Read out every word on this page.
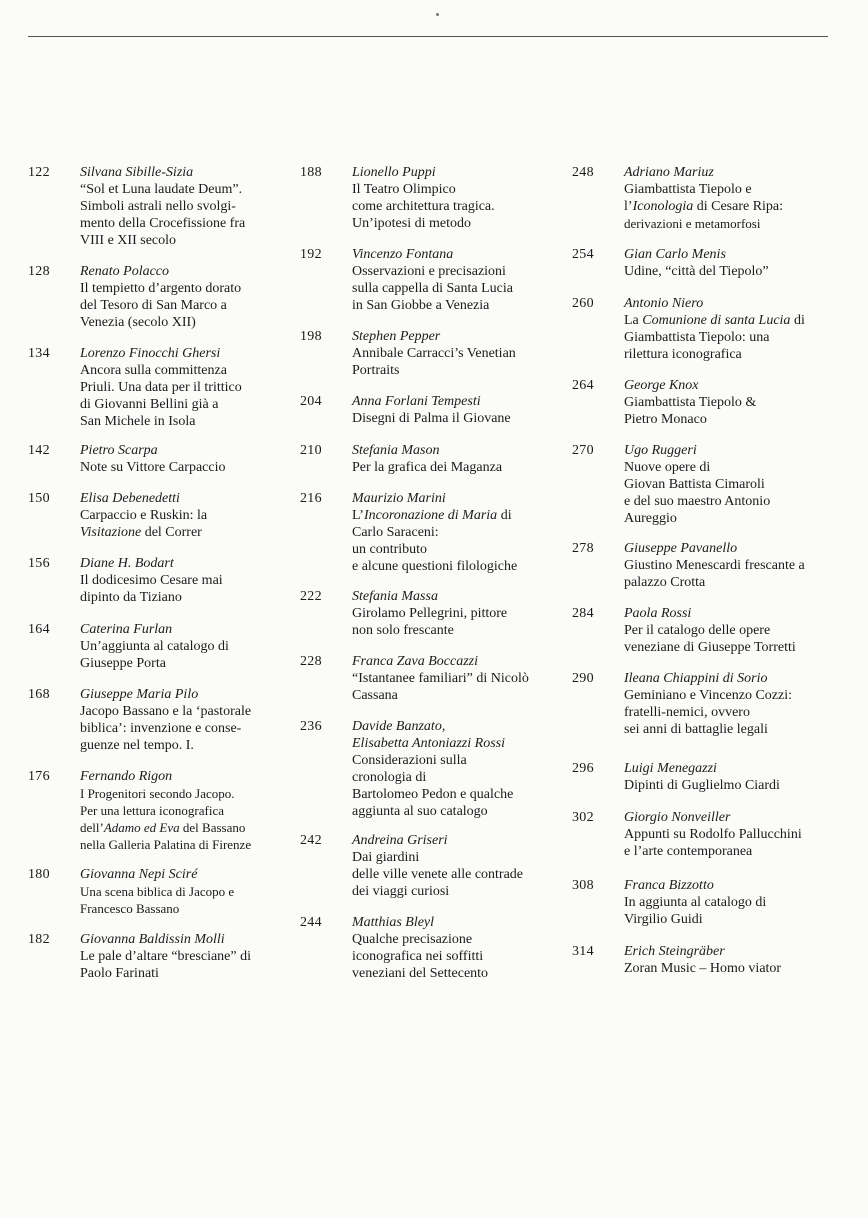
122 Silvana Sibille-Sizia
“Sol et Luna laudate Deum”.
Simboli astrali nello svolgi-
mento della Crocefissione fra
VIII e XII secolo
128 Renato Polacco
Il tempietto d’argento dorato
del Tesoro di San Marco a
Venezia (secolo XII)
134 Lorenzo Finocchi Ghersi
Ancora sulla committenza
Priuli. Una data per il trittico
di Giovanni Bellini già a
San Michele in Isola
142 Pietro Scarpa
Note su Vittore Carpaccio
150 Elisa Debenedetti
Carpaccio e Ruskin: la
Visitazione del Correr
156 Diane H. Bodart
Il dodicesimo Cesare mai
dipinto da Tiziano
164 Caterina Furlan
Un’aggiunta al catalogo di
Giuseppe Porta
168 Giuseppe Maria Pilo
Jacopo Bassano e la ‘pastorale
biblica’: invenzione e conse-
guenze nel tempo. I.
176 Fernando Rigon
I Progenitori secondo Jacopo.
Per una lettura iconografica
dell’Adamo ed Eva del Bassano
nella Galleria Palatina di Firenze
180 Giovanna Nepi Sciré
Una scena biblica di Jacopo e
Francesco Bassano
182 Giovanna Baldissin Molli
Le pale d’altare “bresciane” di
Paolo Farinati
188 Lionello Puppi
Il Teatro Olimpico
come architettura tragica.
Un’ipotesi di metodo
192 Vincenzo Fontana
Osservazioni e precisazioni
sulla cappella di Santa Lucia
in San Giobbe a Venezia
198 Stephen Pepper
Annibale Carracci’s Venetian
Portraits
204 Anna Forlani Tempesti
Disegni di Palma il Giovane
210 Stefania Mason
Per la grafica dei Maganza
216 Maurizio Marini
L’Incoronazione di Maria di
Carlo Saraceni:
un contributo
e alcune questioni filologiche
222 Stefania Massa
Girolamo Pellegrini, pittore
non solo frescante
228 Franca Zava Boccazzi
“Istantanee familiari” di Nicolò
Cassana
236 Davide Banzato,
Elisabetta Antoniazzi Rossi
Considerazioni sulla
cronologia di
Bartolomeo Pedon e qualche
aggiunta al suo catalogo
242 Andreina Griseri
Dai giardini
delle ville venete alle contrade
dei viaggi curiosi
244 Matthias Bleyl
Qualche precisazione
iconografica nei soffitti
veneziani del Settecento
248 Adriano Mariuz
Giambattista Tiepolo e
l’Iconologia di Cesare Ripa:
derivazioni e metamorfosi
254 Gian Carlo Menis
Udine, “città del Tiepolo”
260 Antonio Niero
La Comunione di santa Lucia di
Giambattista Tiepolo: una
rilettura iconografica
264 George Knox
Giambattista Tiepolo &
Pietro Monaco
270 Ugo Ruggeri
Nuove opere di
Giovan Battista Cimaroli
e del suo maestro Antonio
Aureggio
278 Giuseppe Pavanello
Giustino Menescardi frescante a
palazzo Crotta
284 Paola Rossi
Per il catalogo delle opere
veneziane di Giuseppe Torretti
290 Ileana Chiappini di Sorio
Geminiano e Vincenzo Cozzi:
fratelli-nemici, ovvero
sei anni di battaglie legali
296 Luigi Menegazzi
Dipinti di Guglielmo Ciardi
302 Giorgio Nonveiller
Appunti su Rodolfo Pallucchini
e l’arte contemporanea
308 Franca Bizzotto
In aggiunta al catalogo di
Virgilio Guidi
314 Erich Steingräber
Zoran Music – Homo viator
